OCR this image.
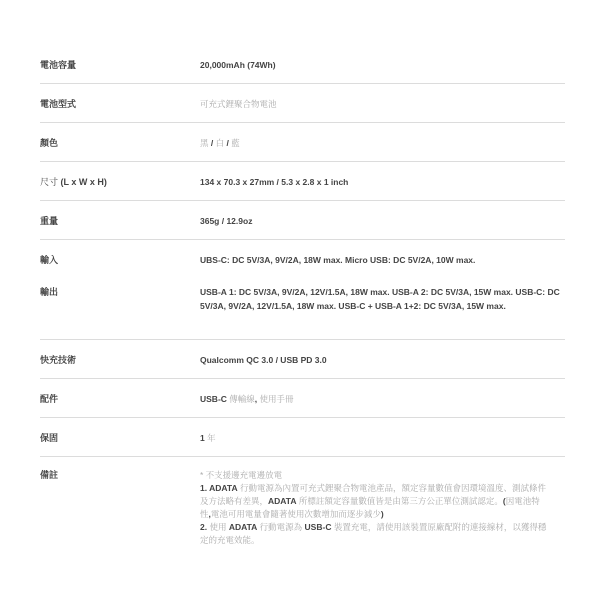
電池容量	20,000mAh (74Wh)
電池型式	可充式鋰聚合物電池
顏色	黑 / 白 / 藍
尺寸 (L x W x H)	134 x 70.3 x 27mm / 5.3 x 2.8 x 1 inch
重量	365g / 12.9oz
輸入	UBS-C: DC 5V/3A, 9V/2A, 18W max. Micro USB: DC 5V/2A, 10W max.
輸出	USB-A 1: DC 5V/3A, 9V/2A, 12V/1.5A, 18W max. USB-A 2: DC 5V/3A, 15W max. USB-C: DC 5V/3A, 9V/2A, 12V/1.5A, 18W max. USB-C + USB-A 1+2: DC 5V/3A, 15W max.
快充技術	Qualcomm QC 3.0 / USB PD 3.0
配件	USB-C 傳輸線, 使用手冊
保固	1 年
備註	* 不支援邊充電邊放電
1. ADATA 行動電源為內置可充式鋰聚合物電池產品，額定容量數值會因環境溫度、測試條件及方法略有差異，ADATA 所標註額定容量數值皆是由第三方公正單位測試認定。(因電池特性,電池可用電量會隨著使用次數增加而逐步減少)
2. 使用 ADATA 行動電源為 USB-C 裝置充電，請使用該裝置原廠配附的連接線材，以獲得穩定的充電效能。
